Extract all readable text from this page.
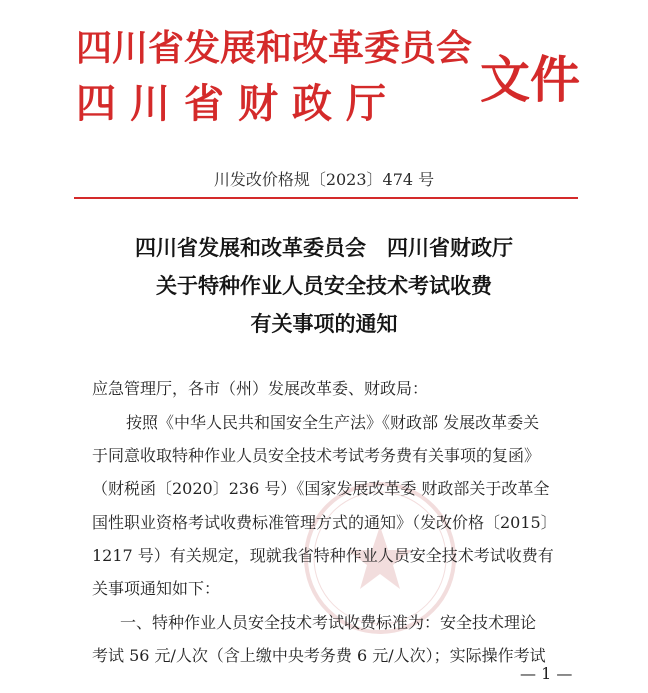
四川省发展和改革委员会
四川省财政厅 文件
川发改价格规〔2023〕474 号
四川省发展和改革委员会　四川省财政厅
关于特种作业人员安全技术考试收费
有关事项的通知
应急管理厅，各市（州）发展改革委、财政局：
按照《中华人民共和国安全生产法》《财政部 发展改革委关
于同意收取特种作业人员安全技术考试考务费有关事项的复函》
（财税函〔2020〕236 号）《国家发展改革委 财政部关于改革全
国性职业资格考试收费标准管理方式的通知》（发改价格〔2015〕
1217 号）有关规定，现就我省特种作业人员安全技术考试收费有
关事项通知如下：
一、特种作业人员安全技术考试收费标准为：安全技术理论
考试 56 元/人次（含上缴中央考务费 6 元/人次）；实际操作考试
— 1 —
